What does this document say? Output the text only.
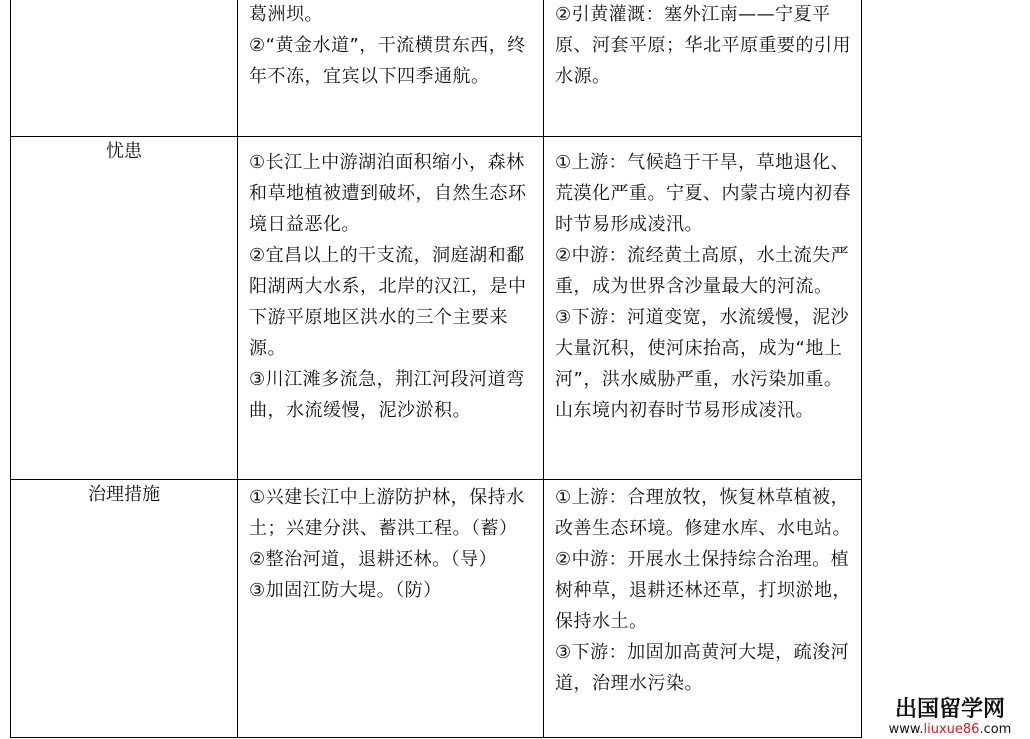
	葛洲坝。
②“黄金水道”，干流横贯东西，终年不冻，宜宾以下四季通航。	②引黄灌溉：塞外江南——宁夏平原、河套平原；华北平原重要的引用水源。

忧患	①长江上中游湖泊面积缩小，森林和草地植被遭到破坏，自然生态环境日益恶化。
②宜昌以上的干支流，洞庭湖和鄱阳湖两大水系，北岸的汉江，是中下游平原地区洪水的三个主要来源。
③川江滩多流急，荆江河段河道弯曲，水流缓慢，泥沙淤积。	①上游：气候趋于干旱，草地退化、荒漠化严重。宁夏、内蒙古境内初春时节易形成凌汛。
②中游：流经黄土高原，水土流失严重，成为世界含沙量最大的河流。
③下游：河道变宽，水流缓慢，泥沙大量沉积，使河床抬高，成为“地上河”，洪水威胁严重，水污染加重。山东境内初春时节易形成凌汛。

治理措施	①兴建长江中上游防护林，保持水土；兴建分洪、蓄洪工程。（蓄）
②整治河道，退耕还林。（导）
③加固江防大堤。（防）	①上游：合理放牧，恢复林草植被，改善生态环境。修建水库、水电站。
②中游：开展水土保持综合治理。植树种草，退耕还林还草，打坝淤地，保持水土。
③下游：加固加高黄河大堤，疏浚河道，治理水污染。
出国留学网
www.liuxue86.com
